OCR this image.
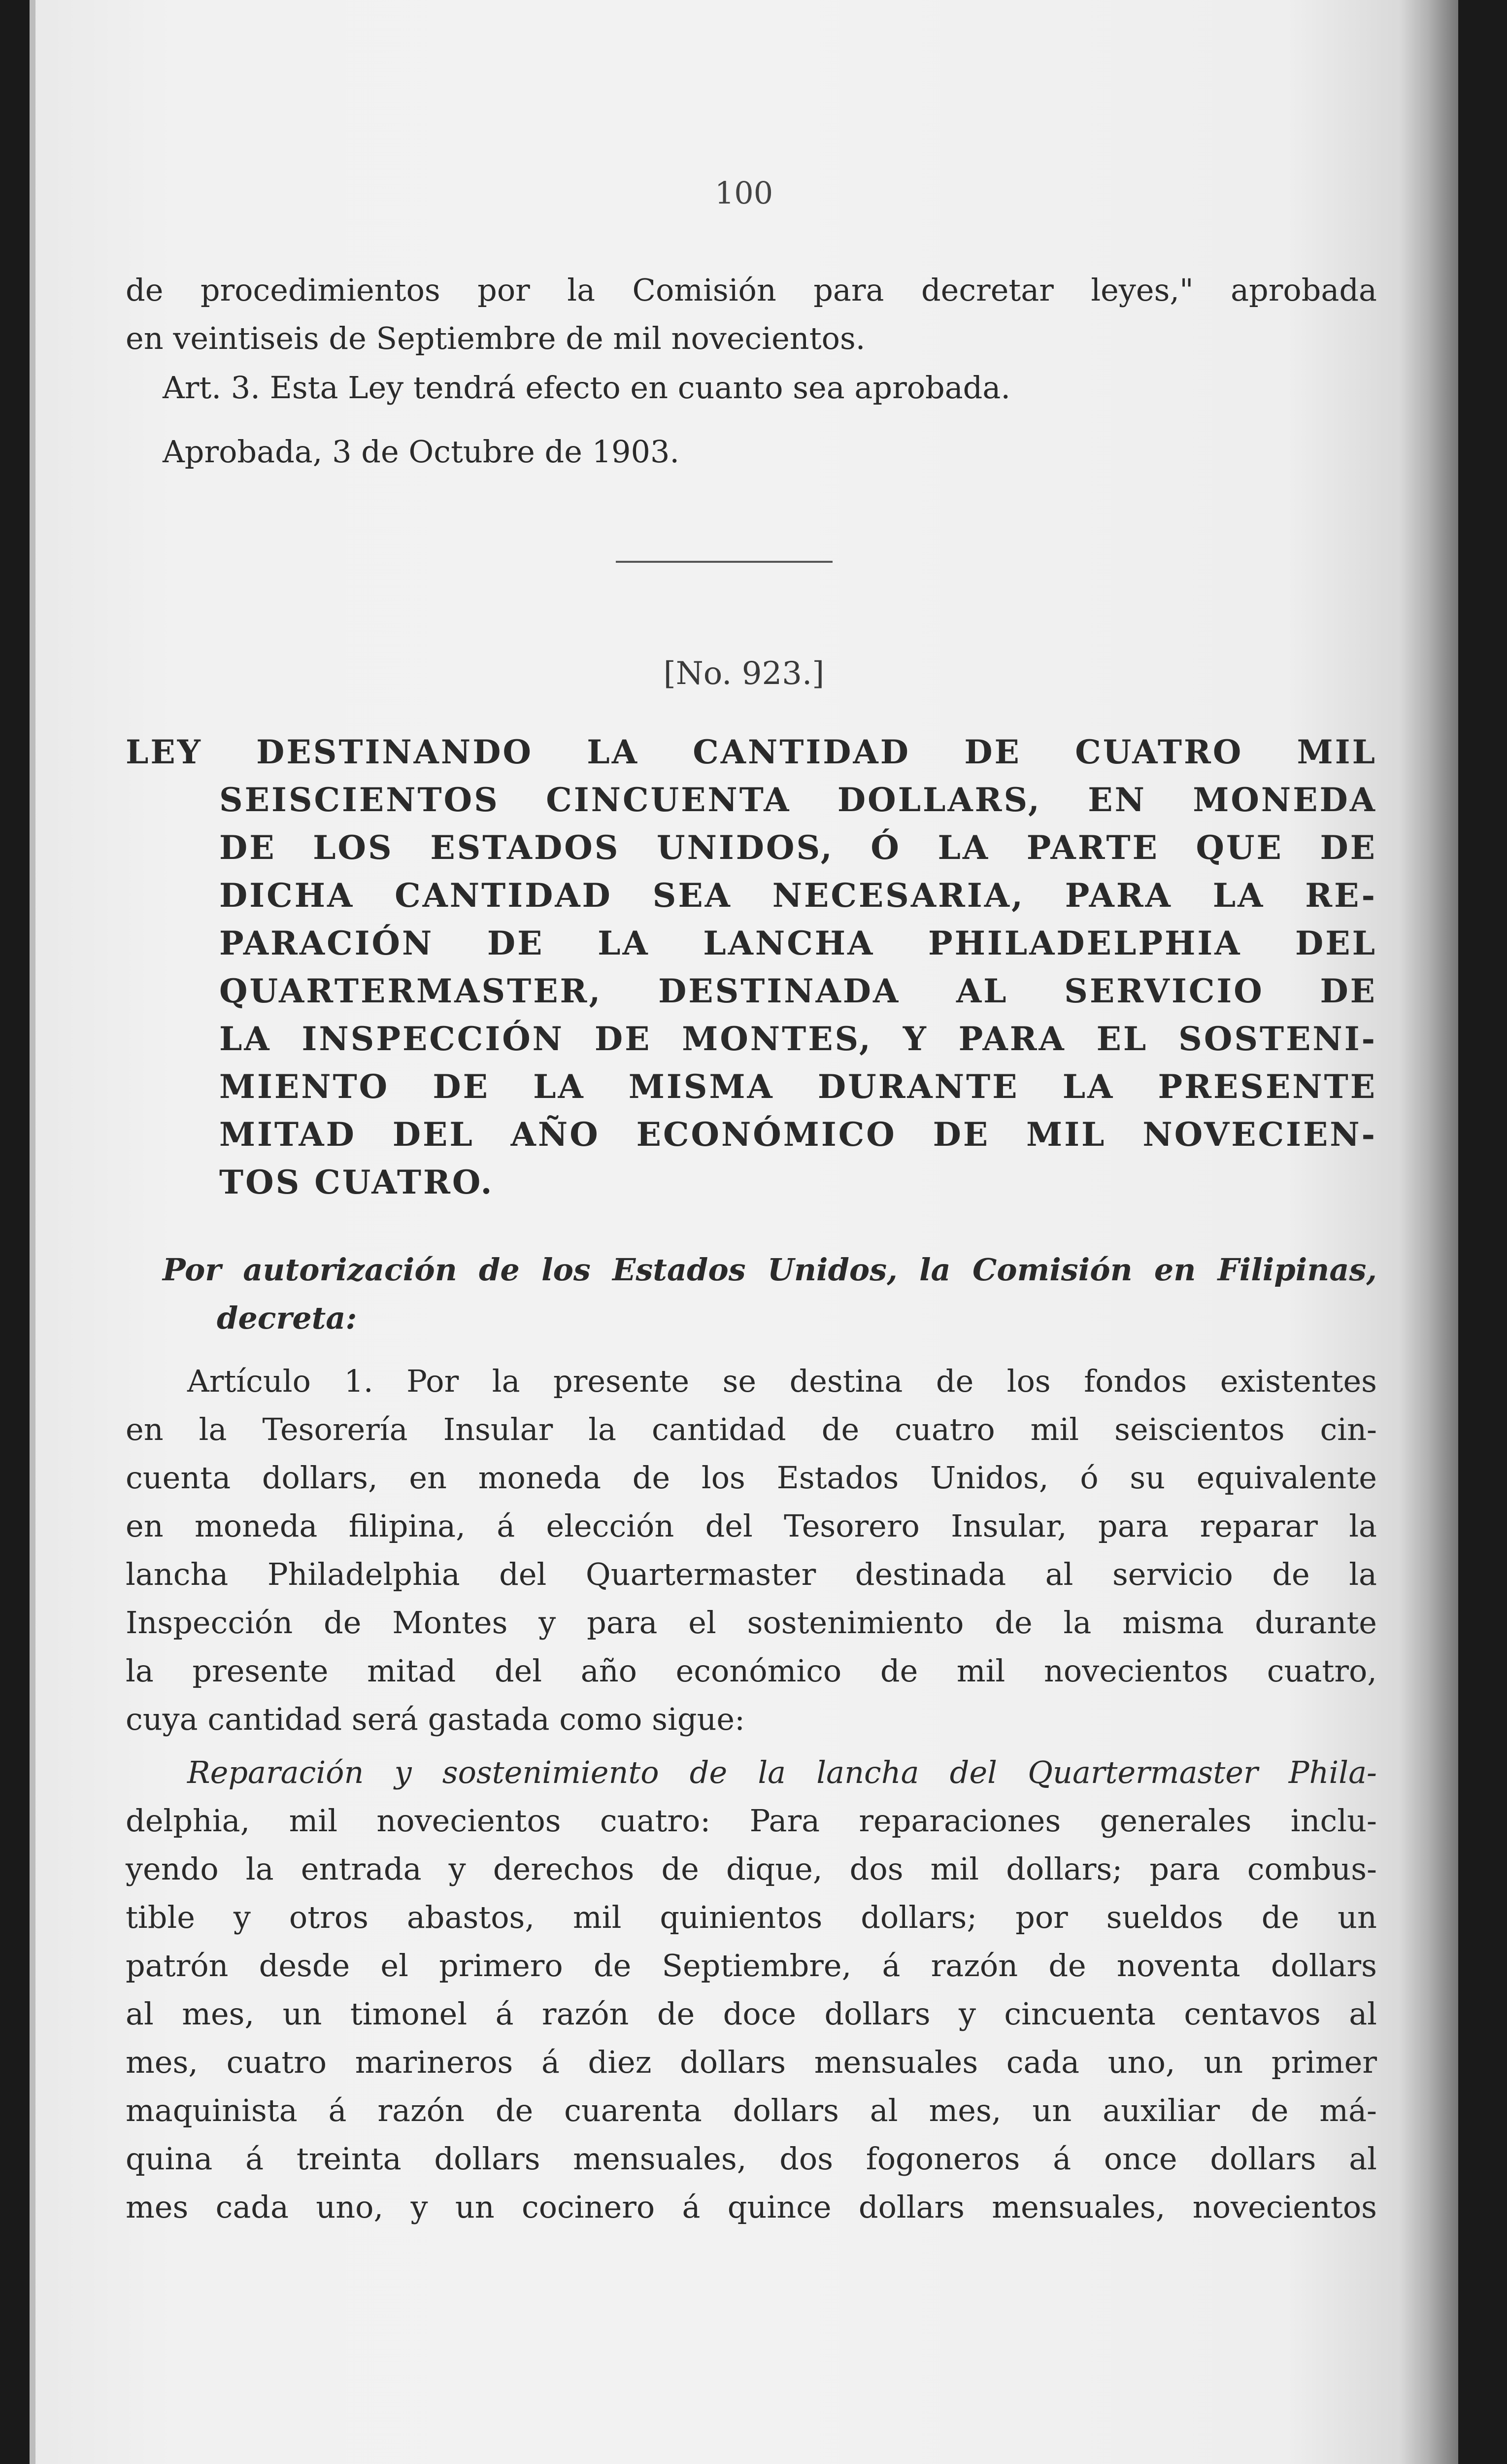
100

de procedimientos por la Comisión para decretar leyes," aprobada

en veintiseis de Septiembre de mil novecientos.

Art. 3. Esta Ley tendrá efecto en cuanto sea aprobada.

Aprobada, 3 de Octubre de 1903.

[No. 923.]

LEY DESTINANDO LA CANTIDAD DE CUATRO MIL
SEISCIENTOS CINCUENTA DOLLARS, EN MONEDA
DE LOS ESTADOS UNIDOS, Ó LA PARTE QUE DE
DICHA CANTIDAD SEA NECESARIA, PARA LA RE-
PARACIÓN DE LA LANCHA PHILADELPHIA DEL
QUARTERMASTER, DESTINADA AL SERVICIO DE
LA INSPECCIÓN DE MONTES, Y PARA EL SOSTENI-
MIENTO DE LA MISMA DURANTE LA PRESENTE
MITAD DEL AÑO ECONÓMICO DE MIL NOVECIEN-
TOS CUATRO.

Por autorización de los Estados Unidos, la Comisión en Filipinas,

decreta:

Artículo 1. Por la presente se destina de los fondos existentes

en la Tesorería Insular la cantidad de cuatro mil seiscientos cin-

cuenta dollars, en moneda de los Estados Unidos, ó su equivalente

en moneda filipina, á elección del Tesorero Insular, para reparar la

lancha Philadelphia del Quartermaster destinada al servicio de la

Inspección de Montes y para el sostenimiento de la misma durante

la presente mitad del año económico de mil novecientos cuatro,

cuya cantidad será gastada como sigue:

Reparación y sostenimiento de la lancha del Quartermaster Phila-

delphia, mil novecientos cuatro: Para reparaciones generales inclu-

yendo la entrada y derechos de dique, dos mil dollars; para combus-

tible y otros abastos, mil quinientos dollars; por sueldos de un

patrón desde el primero de Septiembre, á razón de noventa dollars

al mes, un timonel á razón de doce dollars y cincuenta centavos al

mes, cuatro marineros á diez dollars mensuales cada uno, un primer

maquinista á razón de cuarenta dollars al mes, un auxiliar de má-

quina á treinta dollars mensuales, dos fogoneros á once dollars al

mes cada uno, y un cocinero á quince dollars mensuales, novecientos
